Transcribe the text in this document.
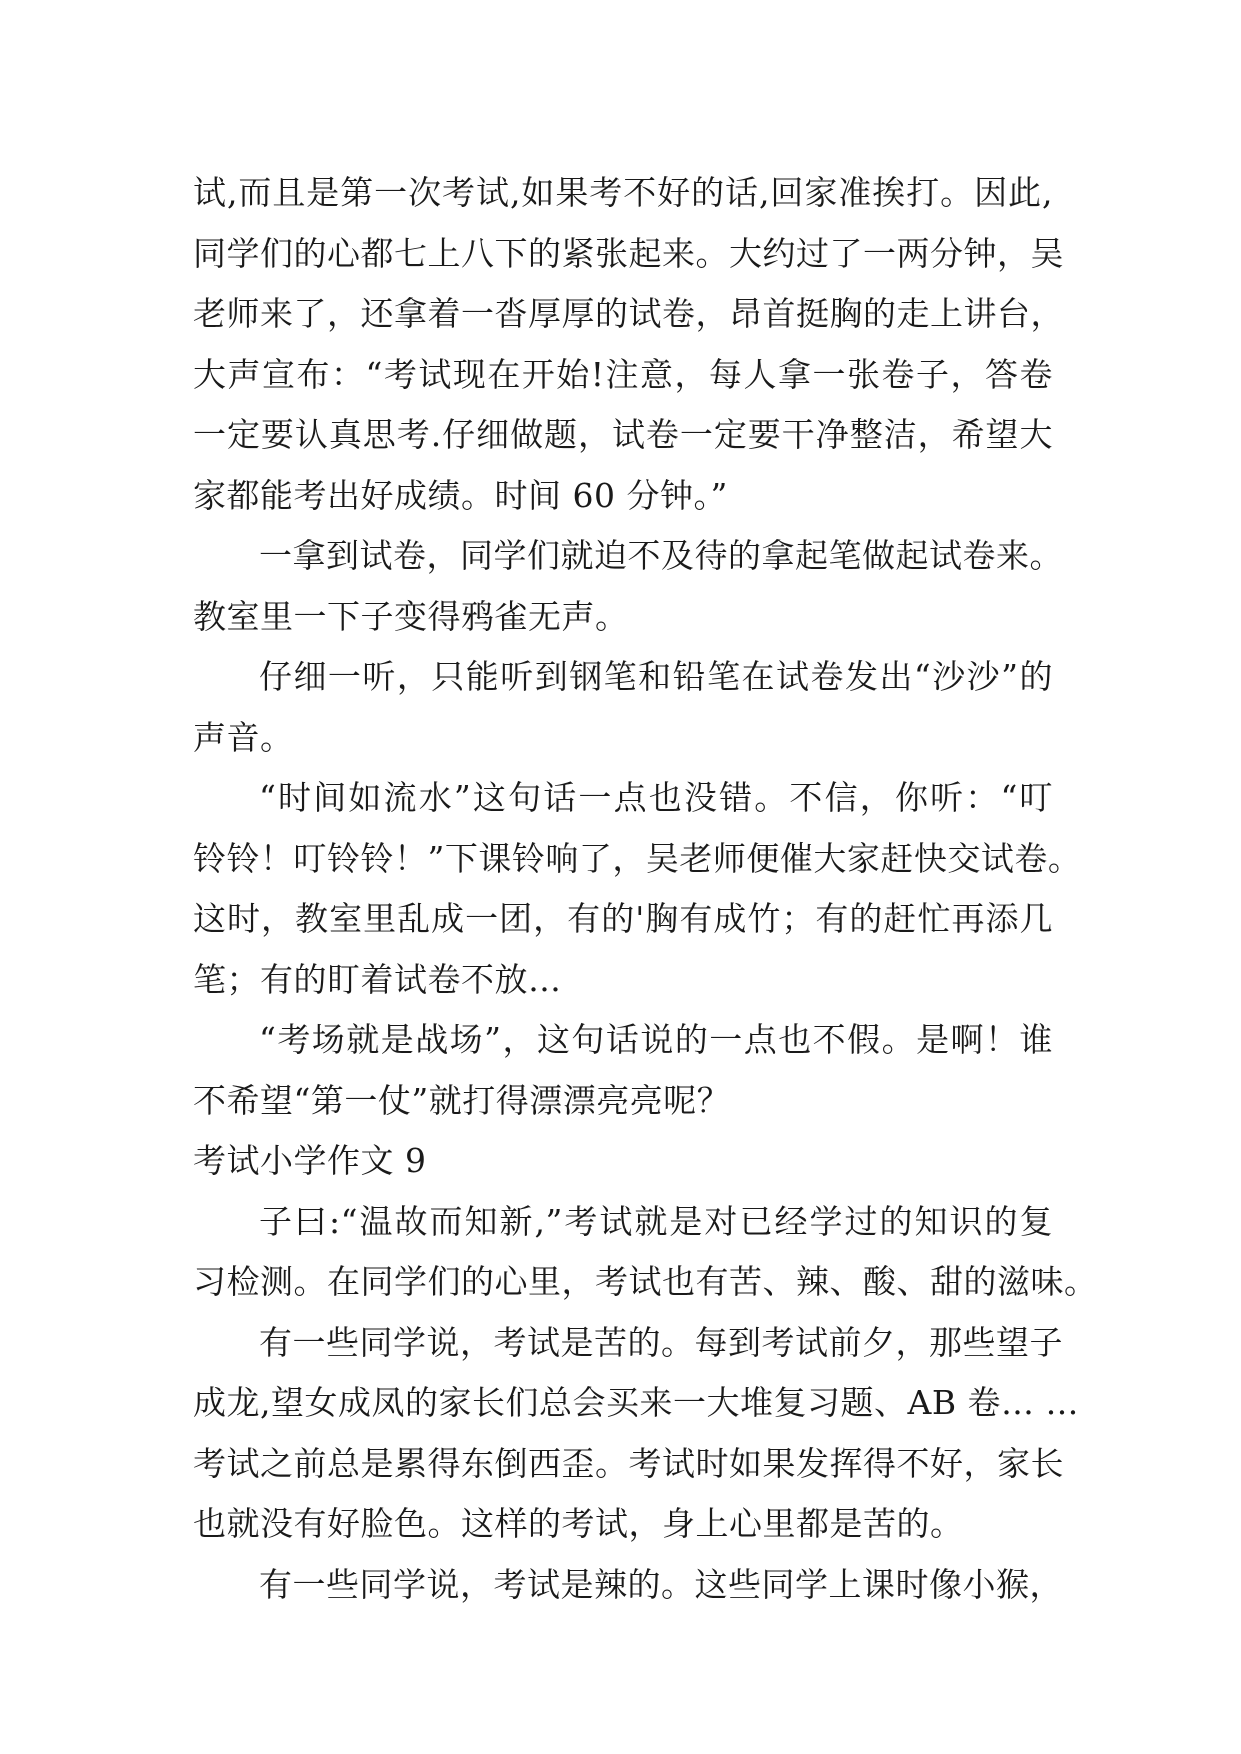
试,而且是第一次考试,如果考不好的话,回家准挨打。因此,
同学们的心都七上八下的紧张起来。大约过了一两分钟，吴
老师来了，还拿着一沓厚厚的试卷，昂首挺胸的走上讲台，
大声宣布：“考试现在开始!注意，每人拿一张卷子，答卷
一定要认真思考.仔细做题，试卷一定要干净整洁，希望大
家都能考出好成绩。时间 60 分钟。”
一拿到试卷，同学们就迫不及待的拿起笔做起试卷来。
教室里一下子变得鸦雀无声。
仔细一听，只能听到钢笔和铅笔在试卷发出“沙沙”的
声音。
“时间如流水”这句话一点也没错。不信，你听：“叮
铃铃！叮铃铃！”下课铃响了，吴老师便催大家赶快交试卷。
这时，教室里乱成一团，有的'胸有成竹；有的赶忙再添几
笔；有的盯着试卷不放…
“考场就是战场”，这句话说的一点也不假。是啊！谁
不希望“第一仗”就打得漂漂亮亮呢？
考试小学作文 9
子曰:“温故而知新,”考试就是对已经学过的知识的复
习检测。在同学们的心里，考试也有苦、辣、酸、甜的滋味。
有一些同学说，考试是苦的。每到考试前夕，那些望子
成龙,望女成凤的家长们总会买来一大堆复习题、AB 卷… …
考试之前总是累得东倒西歪。考试时如果发挥得不好，家长
也就没有好脸色。这样的考试，身上心里都是苦的。
有一些同学说，考试是辣的。这些同学上课时像小猴，
